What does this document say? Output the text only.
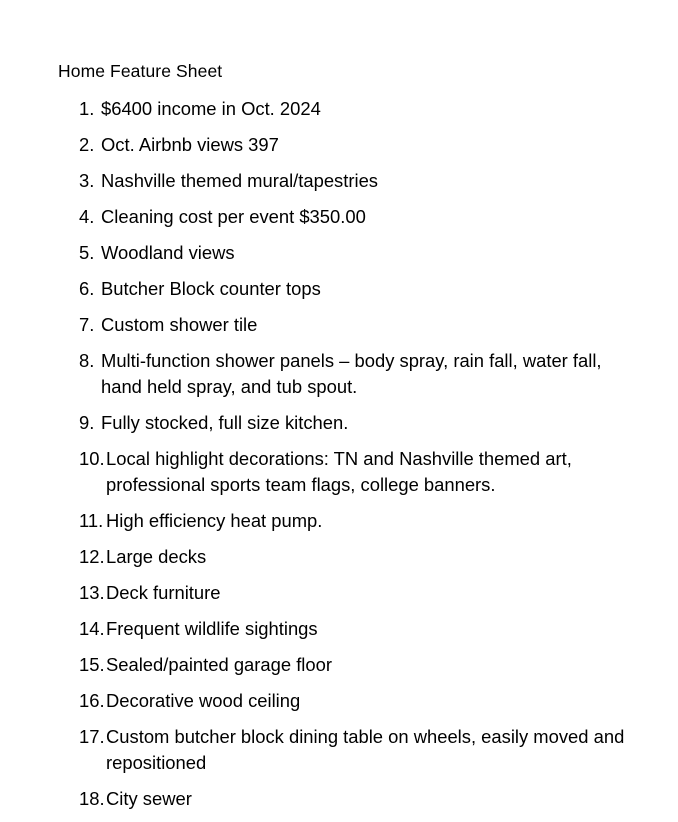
Home Feature Sheet
1. $6400 income in Oct. 2024
2. Oct. Airbnb views 397
3. Nashville themed mural/tapestries
4. Cleaning cost per event $350.00
5. Woodland views
6. Butcher Block counter tops
7. Custom shower tile
8. Multi-function shower panels – body spray, rain fall, water fall, hand held spray, and tub spout.
9. Fully stocked, full size kitchen.
10. Local highlight decorations: TN and Nashville themed art, professional sports team flags, college banners.
11. High efficiency heat pump.
12. Large decks
13. Deck furniture
14. Frequent wildlife sightings
15. Sealed/painted garage floor
16. Decorative wood ceiling
17. Custom butcher block dining table on wheels, easily moved and repositioned
18. City sewer
